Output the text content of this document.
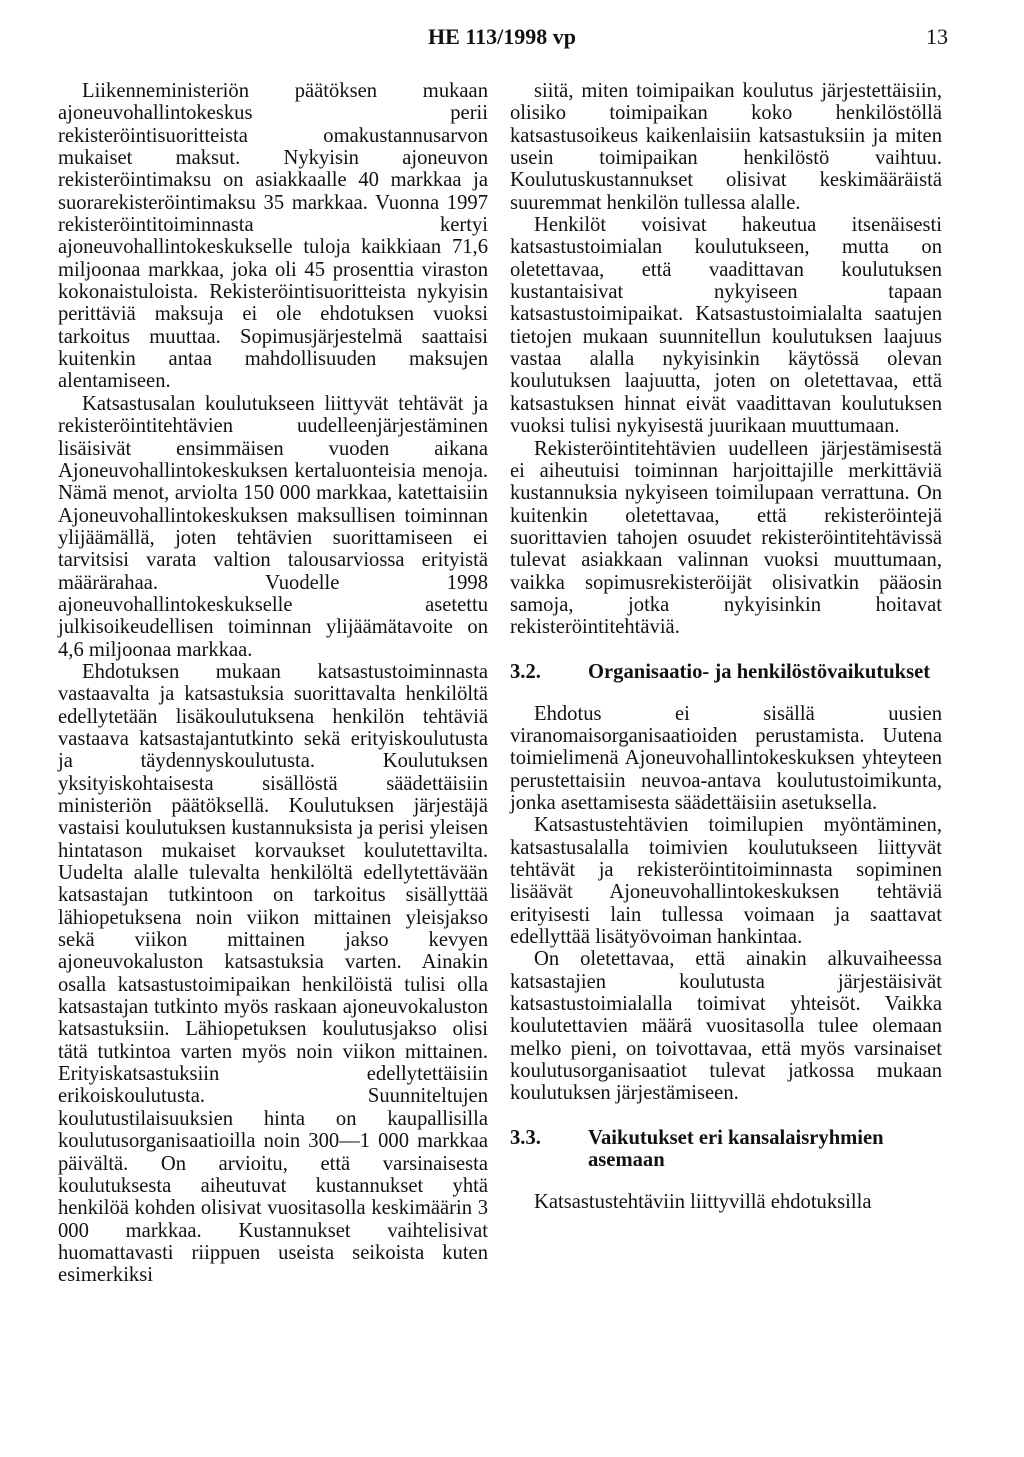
HE 113/1998 vp	13

Liikenneministeriön päätöksen mukaan ajoneuvohallintokeskus perii rekisteröintisuoritteista omakustannusarvon mukaiset maksut. Nykyisin ajoneuvon rekisteröintimaksu on asiakkaalle 40 markkaa ja suorarekisteröintimaksu 35 markkaa. Vuonna 1997 rekisteröintitoiminnasta kertyi ajoneuvohallintokeskukselle tuloja kaikkiaan 71,6 miljoonaa markkaa, joka oli 45 prosenttia viraston kokonaistuloista. Rekisteröintisuoritteista nykyisin perittäviä maksuja ei ole ehdotuksen vuoksi tarkoitus muuttaa. Sopimusjärjestelmä saattaisi kuitenkin antaa mahdollisuuden maksujen alentamiseen.

Katsastusalan koulutukseen liittyvät tehtävät ja rekisteröintitehtävien uudelleenjärjestäminen lisäisivät ensimmäisen vuoden aikana Ajoneuvohallintokeskuksen kertaluonteisia menoja. Nämä menot, arviolta 150 000 markkaa, katettaisiin Ajoneuvohallintokeskuksen maksullisen toiminnan ylijäämällä, joten tehtävien suorittamiseen ei tarvitsisi varata valtion talousarviossa erityistä määrärahaa. Vuodelle 1998 ajoneuvohallintokeskukselle asetettu julkisoikeudellisen toiminnan ylijäämätavoite on 4,6 miljoonaa markkaa.

Ehdotuksen mukaan katsastustoiminnasta vastaavalta ja katsastuksia suorittavalta henkilöltä edellytetään lisäkoulutuksena henkilön tehtäviä vastaava katsastajantutkinto sekä erityiskoulutusta ja täydennyskoulutusta. Koulutuksen yksityiskohtaisesta sisällöstä säädettäisiin ministeriön päätöksellä. Koulutuksen järjestäjä vastaisi koulutuksen kustannuksista ja perisi yleisen hintatason mukaiset korvaukset koulutettavilta. Uudelta alalle tulevalta henkilöltä edellytettävään katsastajan tutkintoon on tarkoitus sisällyttää lähiopetuksena noin viikon mittainen yleisjakso sekä viikon mittainen jakso kevyen ajoneuvokaluston katsastuksia varten. Ainakin osalla katsastustoimipaikan henkilöistä tulisi olla katsastajan tutkinto myös raskaan ajoneuvokaluston katsastuksiin. Lähiopetuksen koulutusjakso olisi tätä tutkintoa varten myös noin viikon mittainen. Erityiskatsastuksiin edellytettäisiin erikoiskoulutusta. Suunniteltujen koulutustilaisuuksien hinta on kaupallisilla koulutusorganisaatioilla noin 300—1 000 markkaa päivältä. On arvioitu, että varsinaisesta koulutuksesta aiheutuvat kustannukset yhtä henkilöä kohden olisivat vuositasolla keskimäärin 3 000 markkaa. Kustannukset vaihtelisivat huomattavasti riippuen useista seikoista kuten esimerkiksi

siitä, miten toimipaikan koulutus järjestettäisiin, olisiko toimipaikan koko henkilöstöllä katsastusoikeus kaikenlaisiin katsastuksiin ja miten usein toimipaikan henkilöstö vaihtuu. Koulutuskustannukset olisivat keskimääräistä suuremmat henkilön tullessa alalle.

Henkilöt voisivat hakeutua itsenäisesti katsastustoimialan koulutukseen, mutta on oletettavaa, että vaadittavan koulutuksen kustantaisivat nykyiseen tapaan katsastustoimipaikat. Katsastustoimialalta saatujen tietojen mukaan suunnitellun koulutuksen laajuus vastaa alalla nykyisinkin käytössä olevan koulutuksen laajuutta, joten on oletettavaa, että katsastuksen hinnat eivät vaadittavan koulutuksen vuoksi tulisi nykyisestä juurikaan muuttumaan.

Rekisteröintitehtävien uudelleen järjestämisestä ei aiheutuisi toiminnan harjoittajille merkittäviä kustannuksia nykyiseen toimilupaan verrattuna. On kuitenkin oletettavaa, että rekisteröintejä suorittavien tahojen osuudet rekisteröintitehtävissä tulevat asiakkaan valinnan vuoksi muuttumaan, vaikka sopimusrekisteröijät olisivatkin pääosin samoja, jotka nykyisinkin hoitavat rekisteröintitehtäviä.

3.2.	Organisaatio- ja henkilöstövaikutukset

Ehdotus ei sisällä uusien viranomaisorganisaatioiden perustamista. Uutena toimielimenä Ajoneuvohallintokeskuksen yhteyteen perustettaisiin neuvoa-antava koulutustoimikunta, jonka asettamisesta säädettäisiin asetuksella.

Katsastustehtävien toimilupien myöntäminen, katsastusalalla toimivien koulutukseen liittyvät tehtävät ja rekisteröintitoiminnasta sopiminen lisäävät Ajoneuvohallintokeskuksen tehtäviä erityisesti lain tullessa voimaan ja saattavat edellyttää lisätyövoiman hankintaa.

On oletettavaa, että ainakin alkuvaiheessa katsastajien koulutusta järjestäisivät katsastustoimialalla toimivat yhteisöt. Vaikka koulutettavien määrä vuositasolla tulee olemaan melko pieni, on toivottavaa, että myös varsinaiset koulutusorganisaatiot tulevat jatkossa mukaan koulutuksen järjestämiseen.

3.3.	Vaikutukset eri kansalaisryhmien asemaan

Katsastustehtäviin liittyvillä ehdotuksilla
